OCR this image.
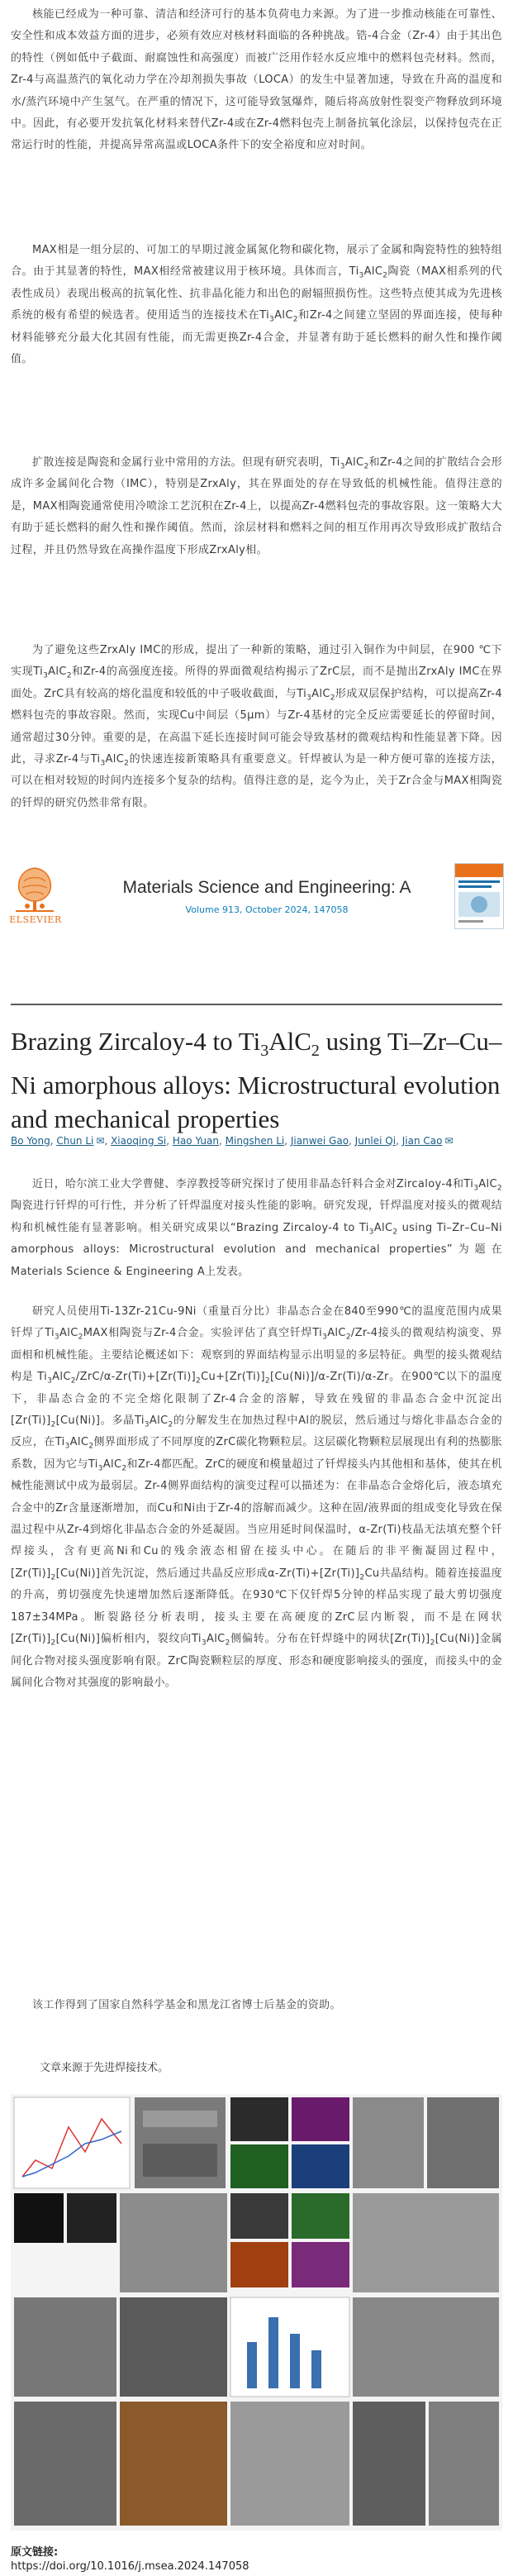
核能已经成为一种可靠、清洁和经济可行的基本负荷电力来源。为了进一步推动核能在可靠性、安全性和成本效益方面的进步，必须有效应对核材料面临的各种挑战。锆-4合金（Zr-4）由于其出色的特性（例如低中子截面、耐腐蚀性和高强度）而被广泛用作轻水反应堆中的燃料包壳材料。然而，Zr-4与高温蒸汽的氧化动力学在冷却剂损失事故（LOCA）的发生中显著加速，导致在升高的温度和水/蒸汽环境中产生氢气。在严重的情况下，这可能导致氢爆炸，随后将高放射性裂变产物释放到环境中。因此，有必要开发抗氧化材料来替代Zr-4或在Zr-4燃料包壳上制备抗氧化涂层，以保持包壳在正常运行时的性能，并提高异常高温或LOCA条件下的安全裕度和应对时间。

MAX相是一组分层的、可加工的早期过渡金属氮化物和碳化物，展示了金属和陶瓷特性的独特组合。由于其显著的特性，MAX相经常被建议用于核环境。具体而言，$Ti_3AlC_2$陶瓷（MAX相系列的代表性成员）表现出极高的抗氧化性、抗非晶化能力和出色的耐辐照损伤性。这些特点使其成为先进核系统的极有希望的候选者。使用适当的连接技术在$Ti_3AlC_2$和Zr-4之间建立坚固的界面连接，使每种材料能够充分最大化其固有性能，而无需更换Zr-4合金，并显著有助于延长燃料的耐久性和操作阈值。

扩散连接是陶瓷和金属行业中常用的方法。但现有研究表明，$Ti_3AlC_2$和Zr-4之间的扩散结合会形成许多金属间化合物（IMC），特别是ZrxAly，其在界面处的存在导致低的机械性能。值得注意的是，MAX相陶瓷通常使用冷喷涂工艺沉积在Zr-4上，以提高Zr-4燃料包壳的事故容限。这一策略大大有助于延长燃料的耐久性和操作阈值。然而，涂层材料和燃料之间的相互作用再次导致形成扩散结合过程，并且仍然导致在高操作温度下形成ZrxAly相。

为了避免这些ZrxAly IMC的形成，提出了一种新的策略，通过引入铜作为中间层，在900 ℃下实现$Ti_3AlC_2$和Zr-4的高强度连接。所得的界面微观结构揭示了ZrC层，而不是抛出ZrxAly IMC在界面处。ZrC具有较高的熔化温度和较低的中子吸收截面，与$Ti_3AlC_2$形成双层保护结构，可以提高Zr-4燃料包壳的事故容限。然而，实现Cu中间层（5μm）与Zr-4基材的完全反应需要延长的停留时间，通常超过30分钟。重要的是，在高温下延长连接时间可能会导致基材的微观结构和性能显著下降。因此，寻求Zr-4与$Ti_3AlC_2$的快速连接新策略具有重要意义。钎焊被认为是一种方便可靠的连接方法，可以在相对较短的时间内连接多个复杂的结构。值得注意的是，迄今为止，关于Zr合金与MAX相陶瓷的钎焊的研究仍然非常有限。

ELSEVIER
Materials Science and Engineering: A
Volume 913, October 2024, 147058
Brazing Zircaloy-4 to $Ti_3AlC_2$ using Ti–Zr–Cu–Ni amorphous alloys: Microstructural evolution and mechanical properties
Bo Yong, Chun Li ✉, Xiaoqing Si, Hao Yuan, Mingshen Li, Jianwei Gao, Junlei Qi, Jian Cao ✉

近日，哈尔滨工业大学曹健、李淳教授等研究探讨了使用非晶态钎料合金对Zircaloy-4和$Ti_3AlC_2$陶瓷进行钎焊的可行性，并分析了钎焊温度对接头性能的影响。研究发现，钎焊温度对接头的微观结构和机械性能有显著影响。相关研究成果以“Brazing Zircaloy-4 to $Ti_3AlC_2$ using Ti–Zr–Cu–Ni amorphous alloys: Microstructural evolution and mechanical properties”为题在Materials Science & Engineering A上发表。

研究人员使用Ti-13Zr-21Cu-9Ni（重量百分比）非晶态合金在840至990℃的温度范围内成果钎焊了$Ti_3AlC_2MAX$相陶瓷与Zr-4合金。实验评估了真空钎焊$Ti_3AlC_2/Zr-4$接头的微观结构演变、界面相和机械性能。主要结论概述如下：观察到的界面结构显示出明显的多层特征。典型的接头微观结构是 $Ti_3AlC_2/ZrC/\alpha-Zr(Ti)+[Zr(Ti)]_2Cu+[Zr(Ti)]_2[Cu(Ni)]/\alpha-Zr(Ti)/\alpha-Zr$。在900℃以下的温度下，非晶态合金的不完全熔化限制了Zr-4合金的溶解，导致在残留的非晶态合金中沉淀出$[Zr(Ti)]_2[Cu(Ni)]$。多晶$Ti_3AlC_2$的分解发生在加热过程中Al的脱层，然后通过与熔化非晶态合金的反应，在$Ti_3AlC_2$侧界面形成了不同厚度的ZrC碳化物颗粒层。这层碳化物颗粒层展现出有利的热膨胀系数，因为它与$Ti_3AlC_2$和Zr-4都匹配。ZrC的硬度和模量超过了钎焊接头内其他相和基体，使其在机械性能测试中成为最弱层。Zr-4侧界面结构的演变过程可以描述为：在非晶态合金熔化后，液态填充合金中的Zr含量逐渐增加，而Cu和Ni由于Zr-4的溶解而减少。这种在固/液界面的组成变化导致在保温过程中从Zr-4到熔化非晶态合金的外延凝固。当应用延时间保温时，α-Zr(Ti)枝晶无法填充整个钎焊接头，含有更高Ni和Cu的残余液态相留在接头中心。在随后的非平衡凝固过程中，$[Zr(Ti)]_2[Cu(Ni)]$首先沉淀，然后通过共晶反应形成$\alpha-Zr(Ti)+[Zr(Ti)]_2Cu$共晶结构。随着连接温度的升高，剪切强度先快速增加然后逐渐降低。在930℃下仅钎焊5分钟的样品实现了最大剪切强度187±34MPa。断裂路径分析表明，接头主要在高硬度的ZrC层内断裂，而不是在网状$[Zr(Ti)]_2[Cu(Ni)]$偏析相内，裂纹向$Ti_3AlC_2$侧偏转。分布在钎焊缝中的网状$[Zr(Ti)]_2[Cu(Ni)]$金属间化合物对接头强度影响有限。ZrC陶瓷颗粒层的厚度、形态和硬度影响接头的强度，而接头中的金属间化合物对其强度的影响最小。

该工作得到了国家自然科学基金和黑龙江省博士后基金的资助。

文章来源于先进焊接技术。
原文链接:
https://doi.org/10.1016/j.msea.2024.147058
